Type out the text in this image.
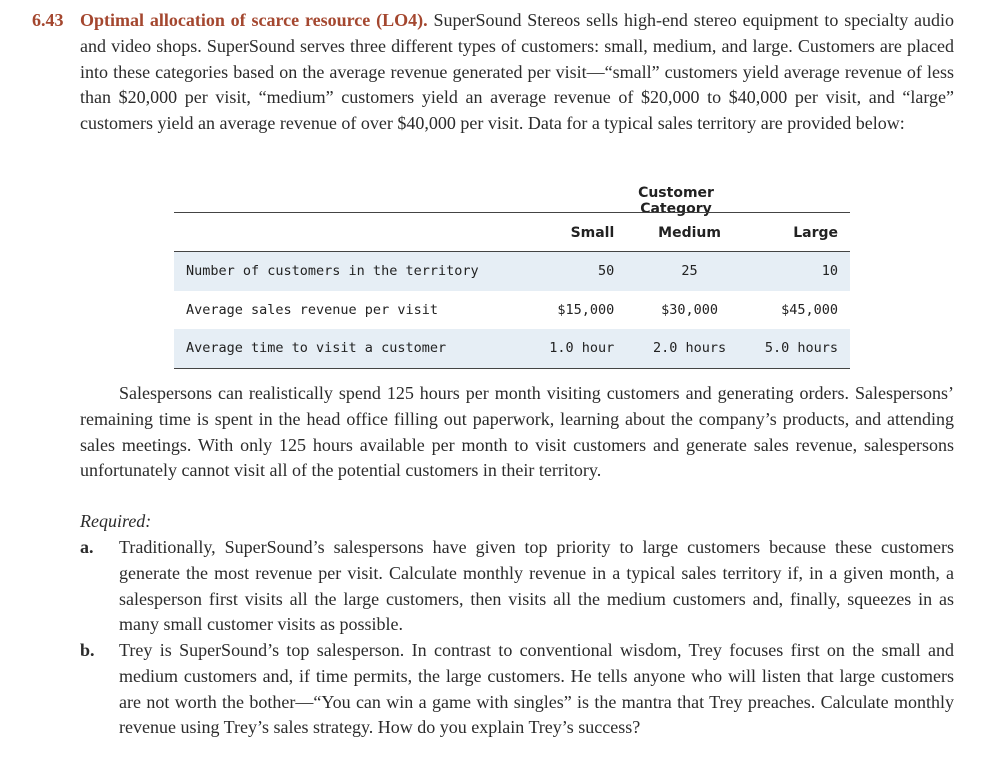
6.43 Optimal allocation of scarce resource (LO4). SuperSound Stereos sells high-end stereo equipment to specialty audio and video shops. SuperSound serves three different types of customers: small, medium, and large. Customers are placed into these categories based on the average revenue generated per visit—“small” customers yield average revenue of less than $20,000 per visit, “medium” customers yield an average revenue of $20,000 to $40,000 per visit, and “large” customers yield an average revenue of over $40,000 per visit. Data for a typical sales territory are provided below:

Customer Category
	Small	Medium	Large
Number of customers in the territory	50	25	10
Average sales revenue per visit	$15,000	$30,000	$45,000
Average time to visit a customer	1.0 hour	2.0 hours	5.0 hours

Salespersons can realistically spend 125 hours per month visiting customers and generating orders. Salespersons’ remaining time is spent in the head office filling out paperwork, learning about the company’s products, and attending sales meetings. With only 125 hours available per month to visit customers and generate sales revenue, salespersons unfortunately cannot visit all of the potential customers in their territory.

Required:
a. Traditionally, SuperSound’s salespersons have given top priority to large customers because these customers generate the most revenue per visit. Calculate monthly revenue in a typical sales territory if, in a given month, a salesperson first visits all the large customers, then visits all the medium customers and, finally, squeezes in as many small customer visits as possible.

b. Trey is SuperSound’s top salesperson. In contrast to conventional wisdom, Trey focuses first on the small and medium customers and, if time permits, the large customers. He tells anyone who will listen that large customers are not worth the bother—“You can win a game with singles” is the mantra that Trey preaches. Calculate monthly revenue using Trey’s sales strategy. How do you explain Trey’s success?
